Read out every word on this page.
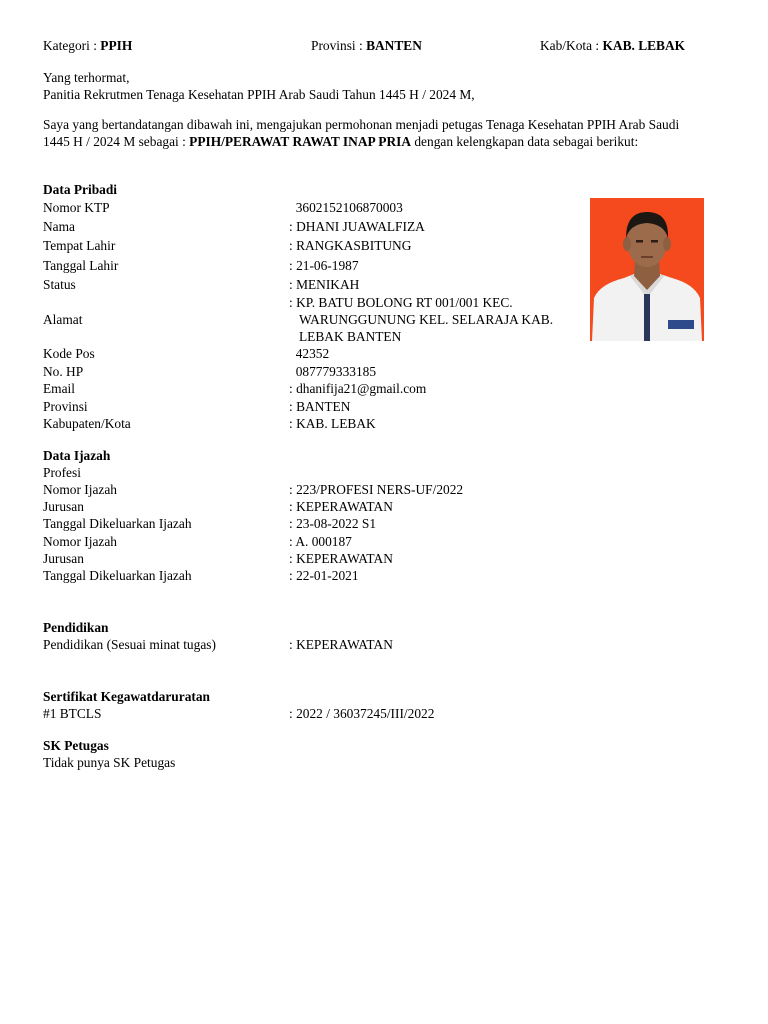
Kategori : PPIH	Provinsi : BANTEN	Kab/Kota : KAB. LEBAK
Yang terhormat,
Panitia Rekrutmen Tenaga Kesehatan PPIH Arab Saudi Tahun 1445 H / 2024 M,
Saya yang bertandatangan dibawah ini, mengajukan permohonan menjadi petugas Tenaga Kesehatan PPIH Arab Saudi 1445 H / 2024 M sebagai : PPIH/PERAWAT RAWAT INAP PRIA dengan kelengkapan data sebagai berikut:
Data Pribadi
Nomor KTP	3602152106870003
Nama	: DHANI JUAWALFIZA
Tempat Lahir	: RANGKASBITUNG
Tanggal Lahir	: 21-06-1987
Status	: MENIKAH
Alamat
: KP. BATU BOLONG RT 001/001 KEC.
WARUNGGUNUNG KEL. SELARAJA KAB.
LEBAK BANTEN
Kode Pos	42352
No. HP	087779333185
Email	: dhanifija21@gmail.com
Provinsi	: BANTEN
Kabupaten/Kota	: KAB. LEBAK
Data Ijazah
Profesi
Nomor Ijazah	: 223/PROFESI NERS-UF/2022
Jurusan	: KEPERAWATAN
Tanggal Dikeluarkan Ijazah	: 23-08-2022 S1
Nomor Ijazah	: A. 000187
Jurusan	: KEPERAWATAN
Tanggal Dikeluarkan Ijazah	: 22-01-2021
Pendidikan
Pendidikan (Sesuai minat tugas)	: KEPERAWATAN
Sertifikat Kegawatdaruratan
#1 BTCLS	: 2022 / 36037245/III/2022
SK Petugas
Tidak punya SK Petugas
